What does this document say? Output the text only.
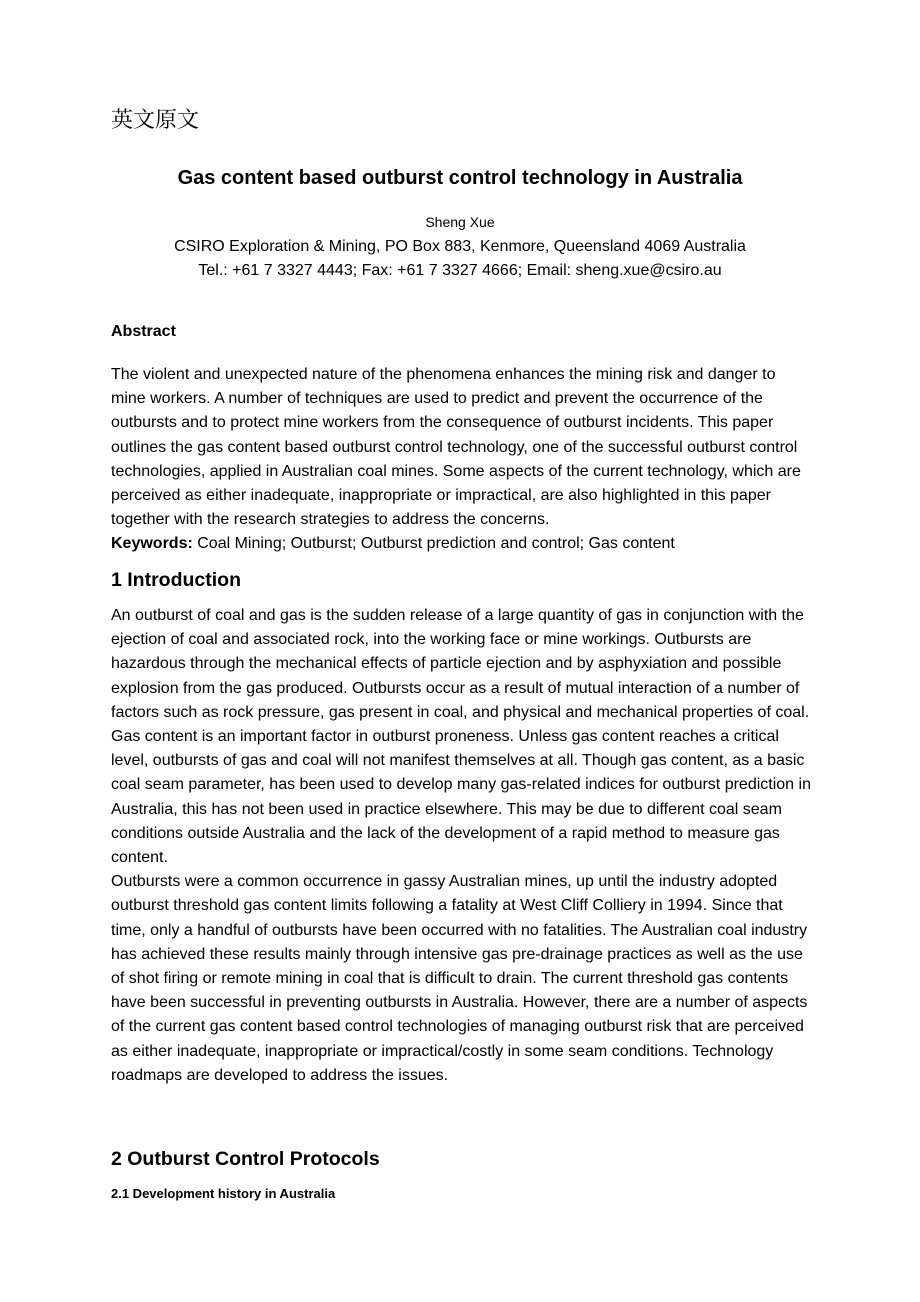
英文原文
Gas content based outburst control technology in Australia
Sheng Xue
CSIRO Exploration & Mining, PO Box 883, Kenmore, Queensland 4069 Australia
Tel.: +61 7 3327 4443; Fax: +61 7 3327 4666; Email: sheng.xue@csiro.au
Abstract

The violent and unexpected nature of the phenomena enhances the mining risk and danger to mine workers. A number of techniques are used to predict and prevent the occurrence of the outbursts and to protect mine workers from the consequence of outburst incidents. This paper outlines the gas content based outburst control technology, one of the successful outburst control technologies, applied in Australian coal mines. Some aspects of the current technology, which are perceived as either inadequate, inappropriate or impractical, are also highlighted in this paper together with the research strategies to address the concerns.

Keywords: Coal Mining; Outburst; Outburst prediction and control; Gas content

1 Introduction

An outburst of coal and gas is the sudden release of a large quantity of gas in conjunction with the ejection of coal and associated rock, into the working face or mine workings. Outbursts are hazardous through the mechanical effects of particle ejection and by asphyxiation and possible explosion from the gas produced. Outbursts occur as a result of mutual interaction of a number of factors such as rock pressure, gas present in coal, and physical and mechanical properties of coal.

Gas content is an important factor in outburst proneness. Unless gas content reaches a critical level, outbursts of gas and coal will not manifest themselves at all. Though gas content, as a basic coal seam parameter, has been used to develop many gas-related indices for outburst prediction in Australia, this has not been used in practice elsewhere. This may be due to different coal seam conditions outside Australia and the lack of the development of a rapid method to measure gas content.

Outbursts were a common occurrence in gassy Australian mines, up until the industry adopted outburst threshold gas content limits following a fatality at West Cliff Colliery in 1994. Since that time, only a handful of outbursts have been occurred with no fatalities. The Australian coal industry has achieved these results mainly through intensive gas pre-drainage practices as well as the use of shot firing or remote mining in coal that is difficult to drain. The current threshold gas contents have been successful in preventing outbursts in Australia. However, there are a number of aspects of the current gas content based control technologies of managing outburst risk that are perceived as either inadequate, inappropriate or impractical/costly in some seam conditions. Technology roadmaps are developed to address the issues.

2 Outburst Control Protocols
2.1 Development history in Australia
